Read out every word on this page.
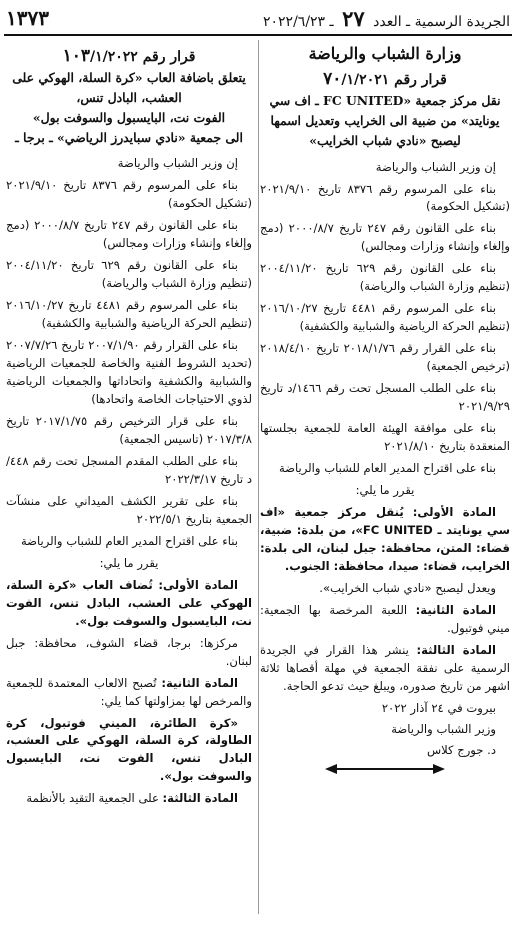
الجريدة الرسمية ـ العدد ٢٧ ـ ٢٠٢٢/٦/٢٣
١٣٧٣
وزارة الشباب والرياضة
قرار رقم ٧٠/١/٢٠٢١
نقل مركز جمعية «FC UNITED ـ اف سي يونايتد» من ضبية الى الخرايب وتعديل اسمها ليصبح «نادي شباب الخرايب»

إن وزير الشباب والرياضة

بناء على المرسوم رقم ٨٣٧٦ تاريخ ٢٠٢١/٩/١٠ (تشكيل الحكومة)

بناء على القانون رقم ٢٤٧ تاريخ ٢٠٠٠/٨/٧ (دمج وإلغاء وإنشاء وزارات ومجالس)

بناء على القانون رقم ٦٢٩ تاريخ ٢٠٠٤/١١/٢٠ (تنظيم وزارة الشباب والرياضة)

بناء على المرسوم رقم ٤٤٨١ تاريخ ٢٠١٦/١٠/٢٧ (تنظيم الحركة الرياضية والشبابية والكشفية)

بناء على القرار رقم ٢٠١٨/١/٧٦ تاريخ ٢٠١٨/٤/١٠ (ترخيص الجمعية)

بناء على الطلب المسجل تحت رقم ١٤٦٦/د تاريخ ٢٠٢١/٩/٢٩

بناء على موافقة الهيئة العامة للجمعية بجلستها المنعقدة بتاريخ ٢٠٢١/٨/١٠

بناء على اقتراح المدير العام للشباب والرياضة

يقرر ما يلي:

المادة الأولى: يُنقل مركز جمعية «اف سي يونايتد ـ FC UNITED»، من بلدة: ضبية، قضاء: المتن، محافظة: جبل لبنان، الى بلدة: الخرايب، قضاء: صيدا، محافظة: الجنوب.

ويعدل ليصبح «نادي شباب الخرايب».

المادة الثانية: اللعبة المرخصة بها الجمعية: ميني فوتبول.

المادة الثالثة: ينشر هذا القرار في الجريدة الرسمية على نفقة الجمعية في مهلة أقصاها ثلاثة اشهر من تاريخ صدوره، ويبلغ حيث تدعو الحاجة.

بيروت في ٢٤ آذار ٢٠٢٢

وزير الشباب والرياضة

د. جورج كلاس

قرار رقم ١٠٣/١/٢٠٢٢
يتعلق باضافة العاب «كرة السلة، الهوكي على العشب، البادل تنس،
الفوت نت، البايسبول والسوفت بول»
الى جمعية «نادي سبايدرز الرياضي» ـ برجا ـ

إن وزير الشباب والرياضة

بناء على المرسوم رقم ٨٣٧٦ تاريخ ٢٠٢١/٩/١٠ (تشكيل الحكومة)

بناء على القانون رقم ٢٤٧ تاريخ ٢٠٠٠/٨/٧ (دمج وإلغاء وإنشاء وزارات ومجالس)

بناء على القانون رقم ٦٢٩ تاريخ ٢٠٠٤/١١/٢٠ (تنظيم وزارة الشباب والرياضة)

بناء على المرسوم رقم ٤٤٨١ تاريخ ٢٠١٦/١٠/٢٧ (تنظيم الحركة الرياضية والشبابية والكشفية)

بناء على القرار رقم ٢٠٠٧/١/٩٠ تاريخ ٢٠٠٧/٧/٢٦ (تحديد الشروط الفنية والخاصة للجمعيات الرياضية والشبابية والكشفية واتحاداتها والجمعيات الرياضية لذوي الاحتياجات الخاصة واتحادها)

بناء على قرار الترخيص رقم ٢٠١٧/١/٧٥ تاريخ ٢٠١٧/٣/٨ (تاسيس الجمعية)

بناء على الطلب المقدم المسجل تحت رقم ٤٤٨/د تاريخ ٢٠٢٢/٣/١٧

بناء على تقرير الكشف الميداني على منشآت الجمعية بتاريخ ٢٠٢٢/٥/١

بناء على اقتراح المدير العام للشباب والرياضة

يقرر ما يلي:

المادة الأولى: تُضاف العاب «كرة السلة، الهوكي على العشب، البادل تنس، الفوت نت، البايسبول والسوفت بول».

مركزها: برجا، قضاء الشوف، محافظة: جبل لبنان.

المادة الثانية: تُصبح الالعاب المعتمدة للجمعية والمرخص لها بمزاولتها كما يلي:

«كرة الطائرة، الميني فوتبول، كرة الطاولة، كرة السلة، الهوكي على العشب، البادل تنس، الفوت نت، البايسبول والسوفت بول».

المادة الثالثة: على الجمعية التقيد بالأنظمة
